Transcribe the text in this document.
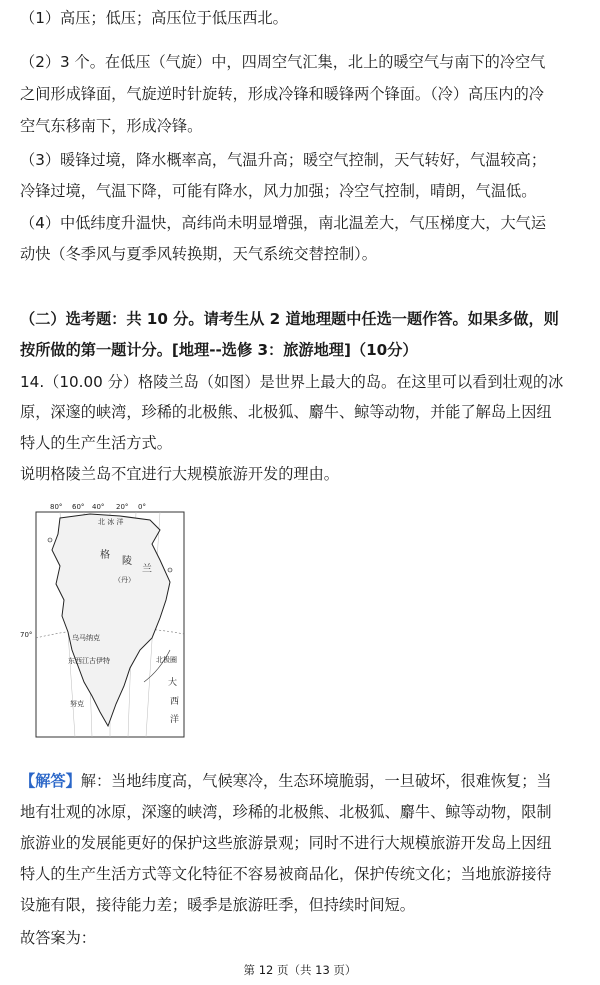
（1）高压；低压；高压位于低压西北。
（2）3 个。在低压（气旋）中，四周空气汇集，北上的暖空气与南下的冷空气
之间形成锋面，气旋逆时针旋转，形成冷锋和暖锋两个锋面。（冷）高压内的冷
空气东移南下，形成冷锋。
（3）暖锋过境，降水概率高，气温升高；暖空气控制，天气转好，气温较高；
冷锋过境，气温下降，可能有降水，风力加强；冷空气控制，晴朗，气温低。
（4）中低纬度升温快，高纬尚未明显增强，南北温差大，气压梯度大，大气运
动快（冬季风与夏季风转换期，天气系统交替控制）。
（二）选考题：共 10 分。请考生从 2 道地理题中任选一题作答。如果多做，则
按所做的第一题计分。[地理--选修 3：旅游地理]（10分）
14.（10.00 分）格陵兰岛（如图）是世界上最大的岛。在这里可以看到壮观的冰
原，深邃的峡湾，珍稀的北极熊、北极狐、麝牛、鲸等动物，并能了解岛上因纽
特人的生产生活方式。
说明格陵兰岛不宜进行大规模旅游开发的理由。
80° 60° 40° 20° 0°
70°
北 冰 洋
格
陵
兰
（丹）
乌马纳克
东西江古伊特
努克
北极圈
大
西
洋
【解答】解：当地纬度高，气候寒冷，生态环境脆弱，一旦破坏，很难恢复；当
地有壮观的冰原，深邃的峡湾，珍稀的北极熊、北极狐、麝牛、鲸等动物，限制
旅游业的发展能更好的保护这些旅游景观；同时不进行大规模旅游开发岛上因纽
特人的生产生活方式等文化特征不容易被商品化，保护传统文化；当地旅游接待
设施有限，接待能力差；暖季是旅游旺季，但持续时间短。
故答案为：
第 12 页（共 13 页）
